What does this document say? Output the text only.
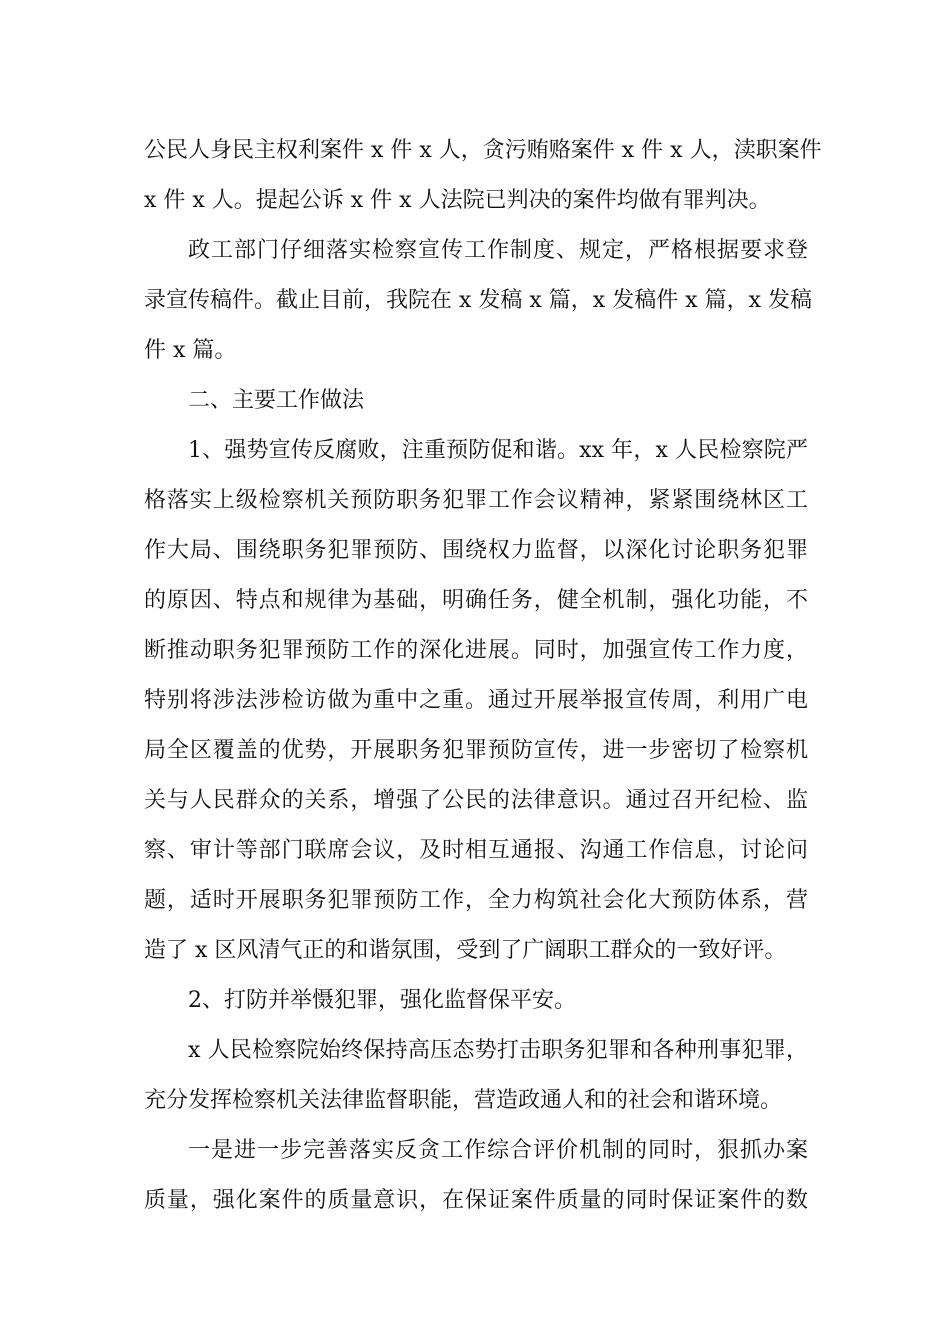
公民人身民主权利案件 x 件 x 人，贪污贿赂案件 x 件 x 人，渎职案件
x 件 x 人。提起公诉 x 件 x 人法院已判决的案件均做有罪判决。
政工部门仔细落实检察宣传工作制度、规定，严格根据要求登
录宣传稿件。截止目前，我院在 x 发稿 x 篇，x 发稿件 x 篇，x 发稿
件 x 篇。
二、主要工作做法
1、强势宣传反腐败，注重预防促和谐。xx 年，x 人民检察院严
格落实上级检察机关预防职务犯罪工作会议精神，紧紧围绕林区工
作大局、围绕职务犯罪预防、围绕权力监督，以深化讨论职务犯罪
的原因、特点和规律为基础，明确任务，健全机制，强化功能，不
断推动职务犯罪预防工作的深化进展。同时，加强宣传工作力度，
特别将涉法涉检访做为重中之重。通过开展举报宣传周，利用广电
局全区覆盖的优势，开展职务犯罪预防宣传，进一步密切了检察机
关与人民群众的关系，增强了公民的法律意识。通过召开纪检、监
察、审计等部门联席会议，及时相互通报、沟通工作信息，讨论问
题，适时开展职务犯罪预防工作，全力构筑社会化大预防体系，营
造了 x 区风清气正的和谐氛围，受到了广阔职工群众的一致好评。
2、打防并举慑犯罪，强化监督保平安。
x 人民检察院始终保持高压态势打击职务犯罪和各种刑事犯罪，
充分发挥检察机关法律监督职能，营造政通人和的社会和谐环境。
一是进一步完善落实反贪工作综合评价机制的同时，狠抓办案
质量，强化案件的质量意识，在保证案件质量的同时保证案件的数
